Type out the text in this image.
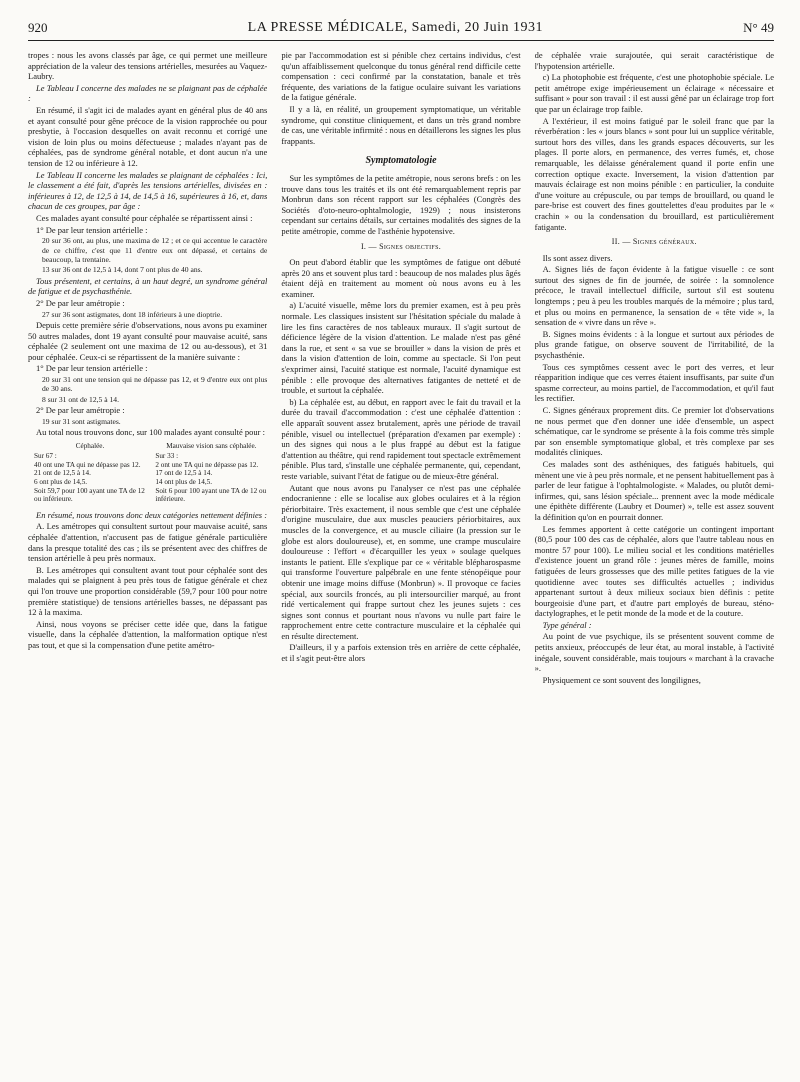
920	LA PRESSE MÉDICALE, Samedi, 20 Juin 1931	N° 49

tropes : nous les avons classés par âge, ce qui permet une meilleure appréciation de la valeur des tensions artérielles, mesurées au Vaquez-Laubry.

Le Tableau I concerne des malades ne se plaignant pas de céphalée :

En résumé, il s'agit ici de malades ayant en général plus de 40 ans et ayant consulté pour gêne précoce de la vision rapprochée ou pour presbytie, à l'occasion desquelles on avait reconnu et corrigé une vision de loin plus ou moins défectueuse ; malades n'ayant pas de céphalées, pas de syndrome général notable, et dont aucun n'a une tension de 12 ou inférieure à 12.

Le Tableau II concerne les malades se plaignant de céphalées : Ici, le classement a été fait, d'après les tensions artérielles, divisées en : inférieures à 12, de 12,5 à 14, de 14,5 à 16, supérieures à 16, et, dans chacun de ces groupes, par âge :

Ces malades ayant consulté pour céphalée se répartissent ainsi :

1° De par leur tension artérielle :

20 sur 36 ont, au plus, une maxima de 12 ; et ce qui accentue le caractère de ce chiffre, c'est que 11 d'entre eux ont dépassé, et certains de beaucoup, la trentaine.

13 sur 36 ont de 12,5 à 14, dont 7 ont plus de 40 ans.

Tous présentent, et certains, à un haut degré, un syndrome général de fatigue et de psychasthénie.

2° De par leur amétropie :

27 sur 36 sont astigmates, dont 18 inférieurs à une dioptrie.

Depuis cette première série d'observations, nous avons pu examiner 50 autres malades, dont 19 ayant consulté pour mauvaise acuité, sans céphalée (2 seulement ont une maxima de 12 ou au-dessous), et 31 pour céphalée. Ceux-ci se répartissent de la manière suivante :

1° De par leur tension artérielle :

20 sur 31 ont une tension qui ne dépasse pas 12, et 9 d'entre eux ont plus de 30 ans.

8 sur 31 ont de 12,5 à 14.

2° De par leur amétropie :

19 sur 31 sont astigmates.

Au total nous trouvons donc, sur 100 malades ayant consulté pour :

Céphalée.
Sur 67 :
40 ont une TA qui ne dépasse pas 12.
21 ont de 12,5 à 14.
6 ont plus de 14,5.
Soit 59,7 pour 100 ayant une TA de 12 ou inférieure.
Mauvaise vision sans céphalée.
Sur 33 :
2 ont une TA qui ne dépasse pas 12.
17 ont de 12,5 à 14.
14 ont plus de 14,5.
Soit 6 pour 100 ayant une TA de 12 ou inférieure.

En résumé, nous trouvons donc deux catégories nettement définies :

A. Les amétropes qui consultent surtout pour mauvaise acuité, sans céphalée d'attention, n'accusent pas de fatigue générale particulière dans la presque totalité des cas ; ils se présentent avec des chiffres de tension artérielle à peu près normaux.

B. Les amétropes qui consultent avant tout pour céphalée sont des malades qui se plaignent à peu près tous de fatigue générale et chez qui l'on trouve une proportion considérable (59,7 pour 100 pour notre première statistique) de tensions artérielles basses, ne dépassant pas 12 à la maxima.

Ainsi, nous voyons se préciser cette idée que, dans la fatigue visuelle, dans la céphalée d'attention, la malformation optique n'est pas tout, et que si la compensation d'une petite amétro-

pie par l'accommodation est si pénible chez certains individus, c'est qu'un affaiblissement quelconque du tonus général rend difficile cette compensation : ceci confirmé par la constatation, banale et très fréquente, des variations de la fatigue oculaire suivant les variations de la fatigue générale.

Il y a là, en réalité, un groupement symptomatique, un véritable syndrome, qui constitue cliniquement, et dans un très grand nombre de cas, une véritable infirmité : nous en détaillerons les signes les plus frappants.

Symptomatologie

Sur les symptômes de la petite amétropie, nous serons brefs : on les trouve dans tous les traités et ils ont été remarquablement repris par Monbrun dans son récent rapport sur les céphalées (Congrès des Sociétés d'oto-neuro-ophtalmologie, 1929) ; nous insisterons cependant sur certains détails, sur certaines modalités des signes de la petite amétropie, comme de l'asthénie hypotensive.

I. — Signes objectifs.

On peut d'abord établir que les symptômes de fatigue ont débuté après 20 ans et souvent plus tard : beaucoup de nos malades plus âgés étaient déjà en traitement au moment où nous avons eu à les examiner.

a) L'acuité visuelle, même lors du premier examen, est à peu près normale. Les classiques insistent sur l'hésitation spéciale du malade à lire les fins caractères de nos tableaux muraux. Il s'agit surtout de déficience légère de la vision d'attention. Le malade n'est pas gêné dans la rue, et sent « sa vue se brouiller » dans la vision de près et dans la vision d'attention de loin, comme au spectacle. Si l'on peut s'exprimer ainsi, l'acuité statique est normale, l'acuité dynamique est pénible : elle provoque des alternatives fatigantes de netteté et de trouble, et surtout la céphalée.

b) La céphalée est, au début, en rapport avec le fait du travail et la durée du travail d'accommodation : c'est une céphalée d'attention : elle apparaît souvent assez brutalement, après une période de travail pénible, visuel ou intellectuel (préparation d'examen par exemple) : un des signes qui nous a le plus frappé au début est la fatigue d'attention au théâtre, qui rend rapidement tout spectacle extrêmement pénible. Plus tard, s'installe une céphalée permanente, qui, cependant, reste variable, suivant l'état de fatigue ou de mieux-être général.

Autant que nous avons pu l'analyser ce n'est pas une céphalée endocranienne : elle se localise aux globes oculaires et à la région périorbitaire. Très exactement, il nous semble que c'est une céphalée d'origine musculaire, due aux muscles peauciers périorbitaires, aux muscles de la convergence, et au muscle ciliaire (la pression sur le globe est alors douloureuse), et, en somme, une crampe musculaire douloureuse : l'effort « d'écarquiller les yeux » soulage quelques instants le patient. Elle s'explique par ce « véritable blépharospasme qui transforme l'ouverture palpébrale en une fente sténopéique pour obtenir une image moins diffuse (Monbrun) ». Il provoque ce facies spécial, aux sourcils froncés, au pli intersourcilier marqué, au front ridé verticalement qui frappe surtout chez les jeunes sujets : ces signes sont connus et pourtant nous n'avons vu nulle part faire le rapprochement entre cette contracture musculaire et la céphalée qui en résulte directement.

D'ailleurs, il y a parfois extension très en arrière de cette céphalée, et il s'agit peut-être alors

de céphalée vraie surajoutée, qui serait caractéristique de l'hypotension artérielle.

c) La photophobie est fréquente, c'est une photophobie spéciale. Le petit amétrope exige impérieusement un éclairage « nécessaire et suffisant » pour son travail : il est aussi gêné par un éclairage trop fort que par un éclairage trop faible.

A l'extérieur, il est moins fatigué par le soleil franc que par la réverbération : les « jours blancs » sont pour lui un supplice véritable, surtout hors des villes, dans les grands espaces découverts, sur les plages. Il porte alors, en permanence, des verres fumés, et, chose remarquable, les délaisse généralement quand il porte enfin une correction optique exacte. Inversement, la vision d'attention par mauvais éclairage est non moins pénible : en particulier, la conduite d'une voiture au crépuscule, ou par temps de brouillard, ou quand le pare-brise est couvert des fines gouttelettes d'eau produites par le « crachin » ou la condensation du brouillard, est particulièrement fatigante.

II. — Signes généraux.

Ils sont assez divers.

A. Signes liés de façon évidente à la fatigue visuelle : ce sont surtout des signes de fin de journée, de soirée : la somnolence précoce, le travail intellectuel difficile, surtout s'il est soutenu longtemps ; peu à peu les troubles marqués de la mémoire ; plus tard, et plus ou moins en permanence, la sensation de « tête vide », la sensation de « vivre dans un rêve ».

B. Signes moins évidents : à la longue et surtout aux périodes de plus grande fatigue, on observe souvent de l'irritabilité, de la psychasthénie.

Tous ces symptômes cessent avec le port des verres, et leur réapparition indique que ces verres étaient insuffisants, par suite d'un spasme correcteur, au moins partiel, de l'accommodation, et qu'il faut les rectifier.

C. Signes généraux proprement dits. Ce premier lot d'observations ne nous permet que d'en donner une idée d'ensemble, un aspect schématique, car le syndrome se présente à la fois comme très simple par son ensemble symptomatique global, et très complexe par ses modalités cliniques.

Ces malades sont des asthéniques, des fatigués habituels, qui mènent une vie à peu près normale, et ne pensent habituellement pas à parler de leur fatigue à l'ophtalmologiste. « Malades, ou plutôt demi-infirmes, qui, sans lésion spéciale... prennent avec la mode médicale une épithète différente (Laubry et Doumer) », telle est assez souvent la définition qu'on en pourrait donner.

Les femmes apportent à cette catégorie un contingent important (80,5 pour 100 des cas de céphalée, alors que l'autre tableau nous en montre 57 pour 100). Le milieu social et les conditions matérielles d'existence jouent un grand rôle : jeunes mères de famille, moins fatiguées de leurs grossesses que des mille petites fatigues de la vie quotidienne avec toutes ses difficultés actuelles ; individus appartenant surtout à deux milieux sociaux bien définis : petite bourgeoisie d'une part, et d'autre part employés de bureau, sténo-dactylographes, et le petit monde de la mode et de la couture.

Type général :

Au point de vue psychique, ils se présentent souvent comme de petits anxieux, préoccupés de leur état, au moral instable, à l'activité inégale, souvent considérable, mais toujours « marchant à la cravache ».

Physiquement ce sont souvent des longilignes,
